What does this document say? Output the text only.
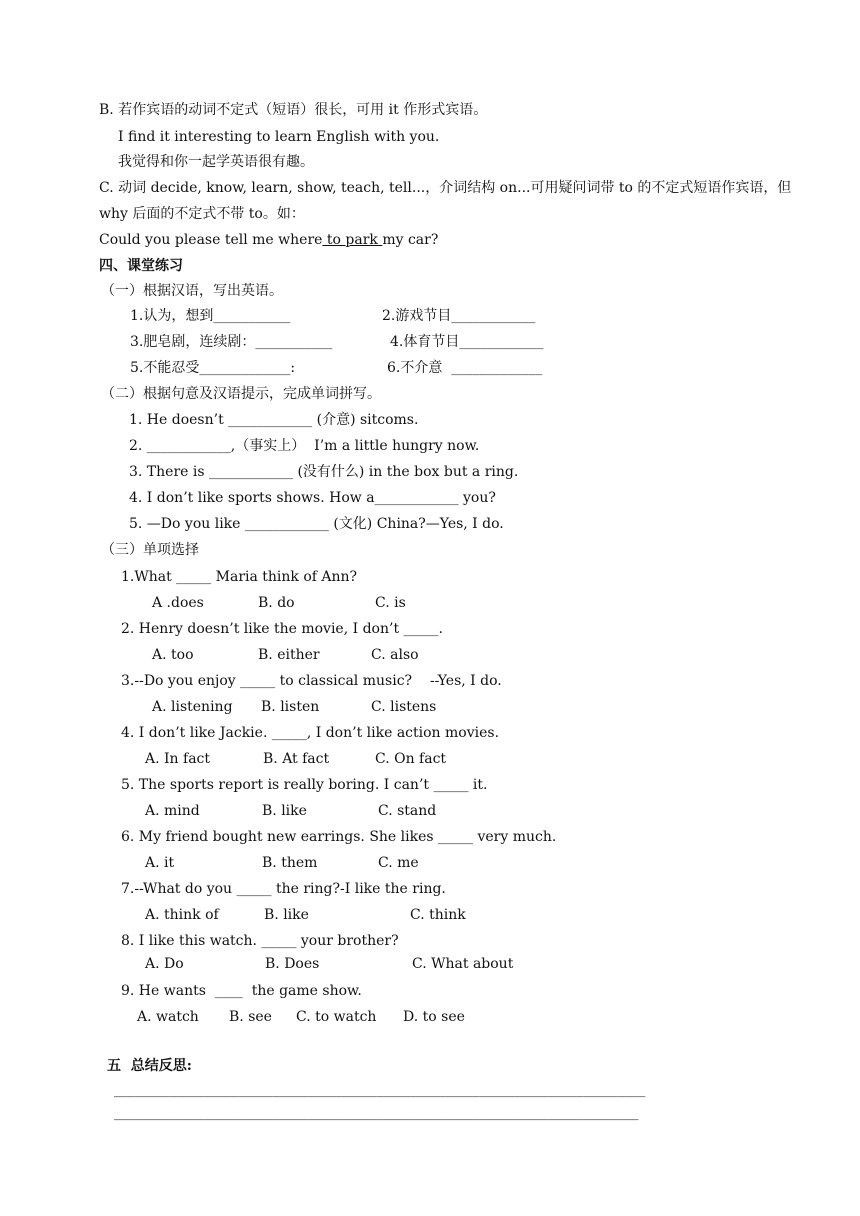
B. 若作宾语的动词不定式（短语）很长，可用 it 作形式宾语。
I find it interesting to learn English with you.
我觉得和你一起学英语很有趣。
C. 动词 decide, know, learn, show, teach, tell...，介词结构 on...可用疑问词带 to 的不定式短语作宾语，但
why 后面的不定式不带 to。如：
Could you please tell me where to park my car?
四、课堂练习
（一）根据汉语，写出英语。
1.认为，想到___________	2.游戏节目____________
3.肥皂剧，连续剧：___________	4.体育节目____________
5.不能忍受_____________:	6.不介意  _____________
（二）根据句意及汉语提示，完成单词拼写。
1. He doesn’t ____________ (介意) sitcoms.
2. ____________,（事实上）  I’m a little hungry now.
3. There is ____________ (没有什么) in the box but a ring.
4. I don’t like sports shows. How a____________ you?
5. —Do you like ____________ (文化) China?—Yes, I do.
（三）单项选择
1.What _____ Maria think of Ann?
A .does	B. do	C. is
2. Henry doesn’t like the movie, I don’t _____.
A. too	B. either	C. also
3.--Do you enjoy _____ to classical music?    --Yes, I do.
A. listening B. listen	C. listens
4. I don’t like Jackie. _____, I don’t like action movies.
A. In fact	B. At fact	C. On fact
5. The sports report is really boring. I can’t _____ it.
A. mind	B. like	C. stand
6. My friend bought new earrings. She likes _____ very much.
A. it	B. them	C. me
7.--What do you _____ the ring?-I like the ring.
A. think of	B. like	C. think
8. I like this watch. _____ your brother?
A. Do	B. Does	C. What about
9. He wants  ____  the game show.
A. watch B. see C. to watch D. to see
五  总结反思:
_____________________________________________________________________________
____________________________________________________________________________
